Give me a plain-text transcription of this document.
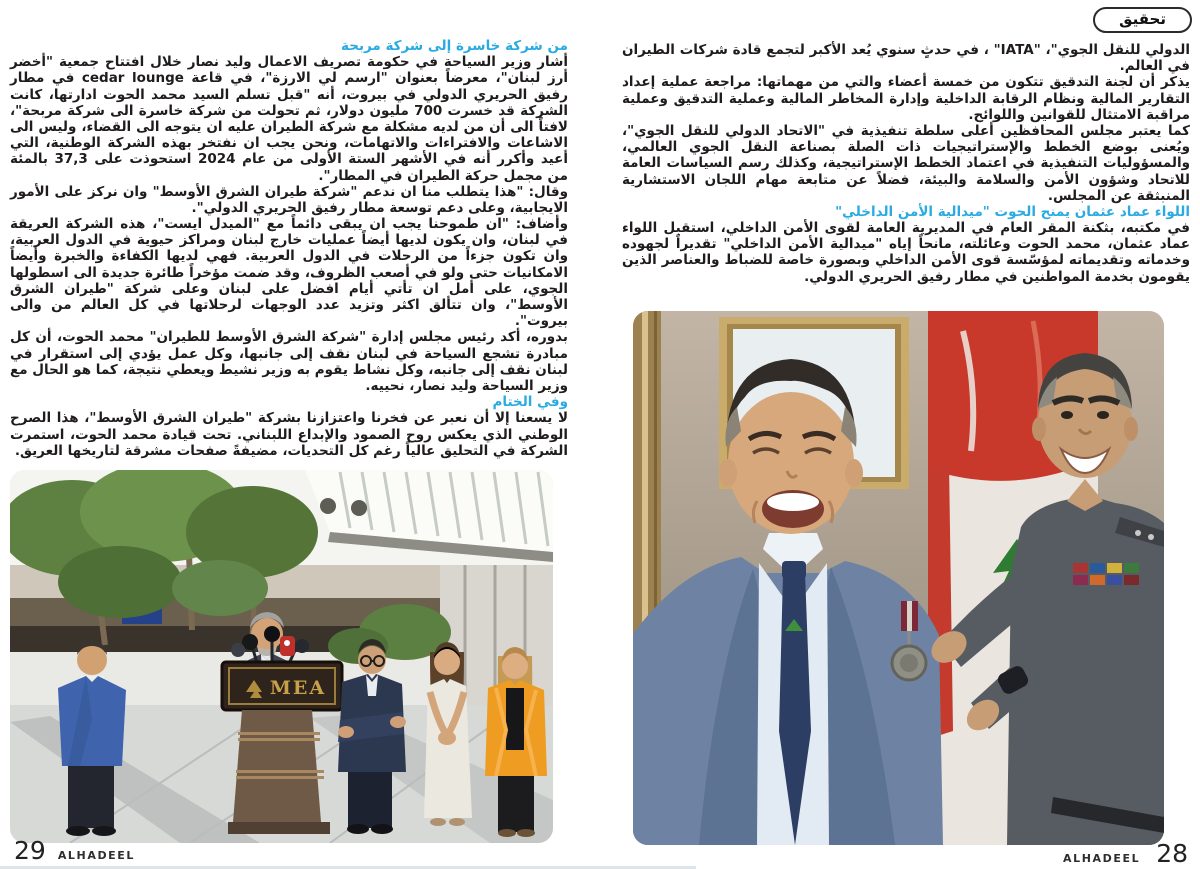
تحقيق

الدولي للنقل الجوي"، "IATA" ، في حدثٍ سنوي يُعد الأكبر لتجمع قادة شركات الطيران في العالم.

يذكر أن لجنة التدقيق تتكون من خمسة أعضاء والتي من مهماتها: مراجعة عملية إعداد التقارير المالية ونظام الرقابة الداخلية وإدارة المخاطر المالية وعملية التدقيق وعملية مراقبة الامتثال للقوانين واللوائح.

كما يعتبر مجلس المحافظين أعلى سلطة تنفيذية في "الاتحاد الدولي للنقل الجوي"، ويُعنى بوضع الخطط والإستراتيجيات ذات الصلة بصناعة النقل الجوي العالمي، والمسؤوليات التنفيذية في اعتماد الخطط الإستراتيجية، وكذلك رسم السياسات العامة للاتحاد وشؤون الأمن والسلامة والبيئة، فضلاً عن متابعة مهام اللجان الاستشارية المنبثقة عن المجلس.

اللواء عماد عثمان يمنح الحوت "ميدالية الأمن الداخلي"

في مكتبه، بثكنة المقر العام في المديرية العامة لقوى الأمن الداخلي، استقبل اللواء عماد عثمان، محمد الحوت وعائلته، مانحاً إياه "ميدالية الأمن الداخلي" تقديراً لجهوده وخدماته وتقديماته لمؤسّسة قوى الأمن الداخلي وبصورة خاصة للضباط والعناصر الذين يقومون بخدمة المواطنين في مطار رفيق الحريري الدولي.

من شركة خاسرة إلى شركة مربحة

أشار وزير السياحة في حكومة تصريف الاعمال وليد نصار خلال افتتاح جمعية "أخضر أرز لبنان"، معرضاً بعنوان "ارسم لي الارزة"، في قاعة cedar lounge في مطار رفيق الحريري الدولي في بيروت، أنه "قبل تسلم السيد محمد الحوت ادارتها، كانت الشركة قد خسرت 700 مليون دولار، ثم تحولت من شركة خاسرة الى شركة مربحة"، لافتاً الى أن من لديه مشكلة مع شركة الطيران عليه ان يتوجه الى القضاء، وليس الى الاشاعات والافتراءات والاتهامات، ونحن يجب ان نفتخر بهذه الشركة الوطنية، التي أعيد وأكرر أنه في الأشهر الستة الأولى من عام 2024 استحوذت على 37,3 بالمئة من مجمل حركة الطيران في المطار".

وقال: "هذا يتطلب منا ان ندعم "شركة طيران الشرق الأوسط" وان نركز على الأمور الايجابية، وعلى دعم توسعة مطار رفيق الحريري الدولي".

وأضاف: "ان طموحنا يجب ان يبقى دائماً مع "الميدل ايست"، هذه الشركة العريقة في لبنان، وان يكون لديها أيضاً عمليات خارج لبنان ومراكز حيوية في الدول العربية، وان تكون جزءاً من الرحلات في الدول العربية. فهي لديها الكفاءة والخبرة وأيضاً الامكانيات حتى ولو في أصعب الظروف، وقد ضمت مؤخراً طائرة جديدة الى اسطولها الجوي، على أمل ان تأتي أيام افضل على لبنان وعلى شركة "طيران الشرق الأوسط"، وان تتألق اكثر وتزيد عدد الوجهات لرحلاتها في كل العالم من والى بيروت".

بدوره، أكد رئيس مجلس إدارة "شركة الشرق الأوسط للطيران" محمد الحوت، أن كل مبادرة تشجع السياحة في لبنان نقف إلى جانبها، وكل عمل يؤدي إلى استقرار في لبنان نقف إلى جانبه، وكل نشاط يقوم به وزير نشيط ويعطي نتيجة، كما هو الحال مع وزير السياحة وليد نصار، نحييه.

وفي الختام

لا يسعنا إلا أن نعبر عن فخرنا واعتزازنا بشركة "طيران الشرق الأوسط"، هذا الصرح الوطني الذي يعكس روح الصمود والإبداع اللبناني. تحت قيادة محمد الحوت، استمرت الشركة في التحليق عالياً رغم كل التحديات، مضيفةً صفحات مشرقة لتاريخها العريق.

MEA
29 ALHADEEL	ALHADEEL 28
